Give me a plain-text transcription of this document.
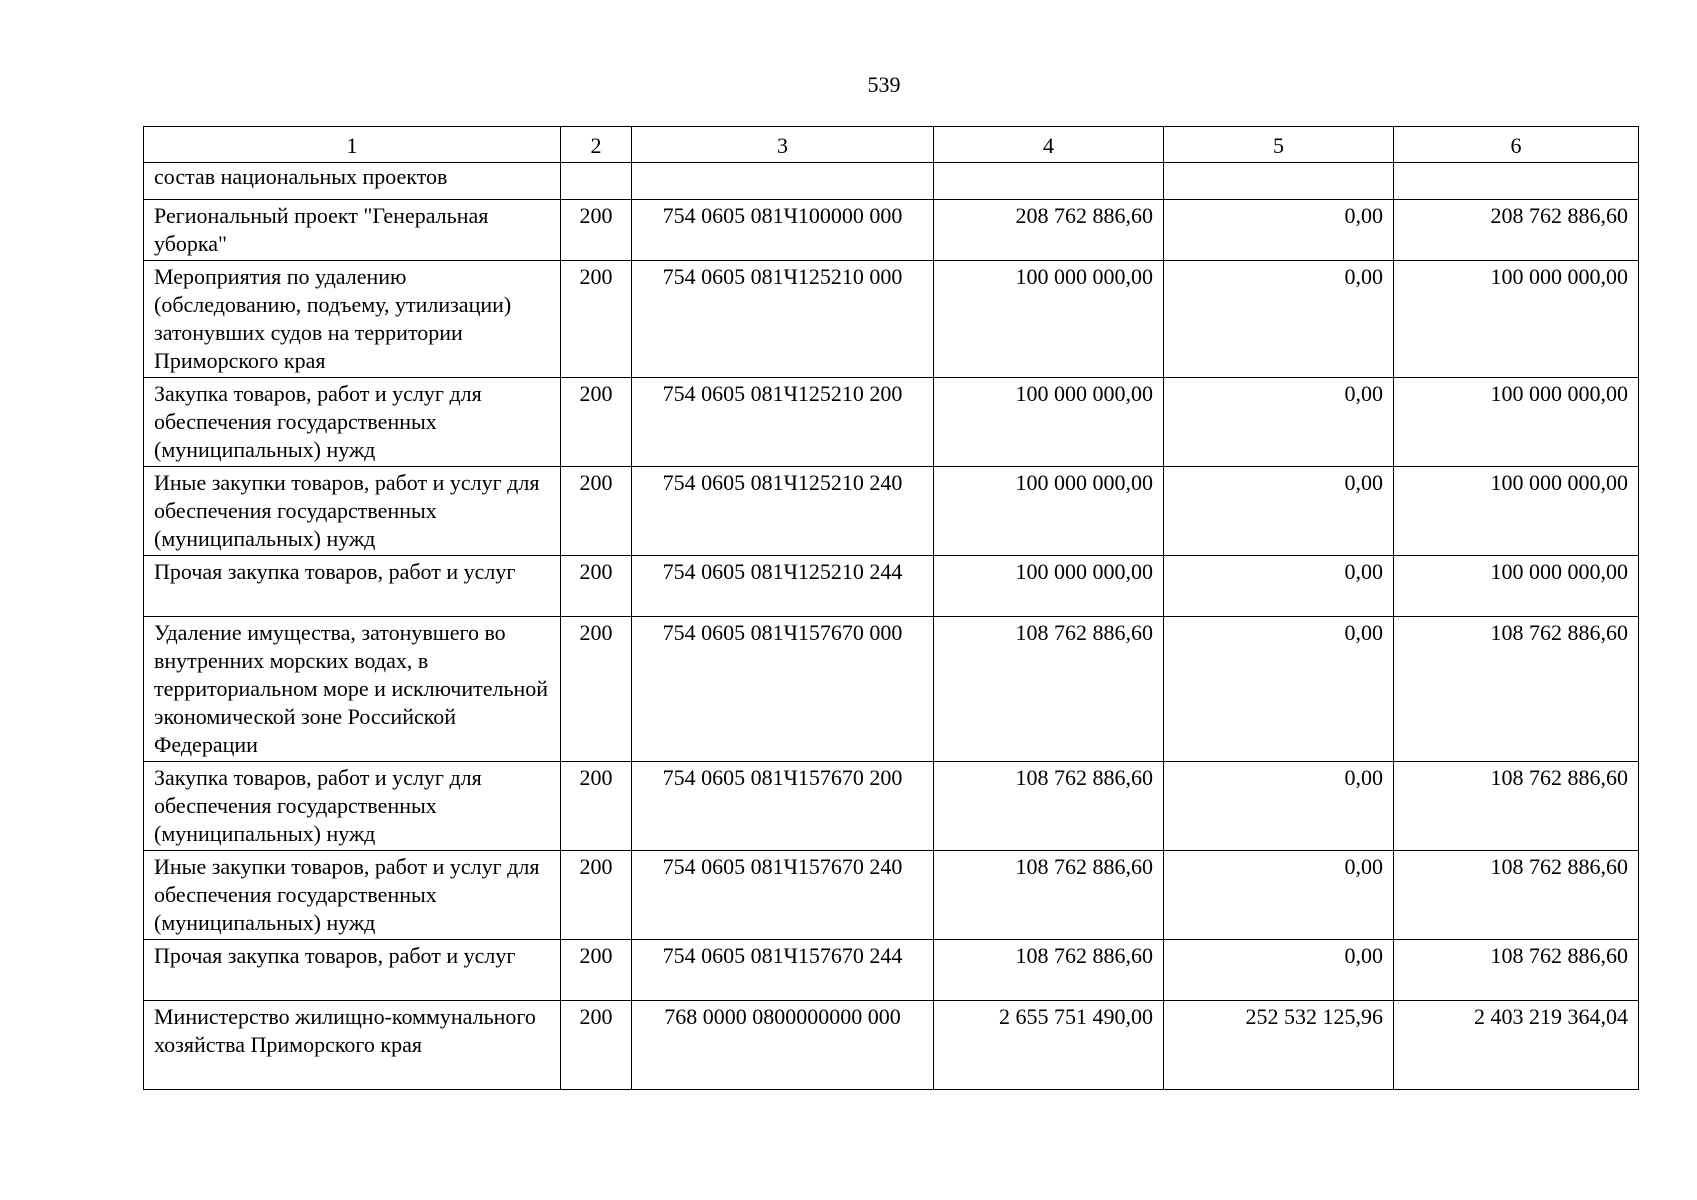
539
1	2	3	4	5	6
состав национальных проектов					
Региональный проект "Генеральная уборка"	200	754 0605 081Ч100000 000	208 762 886,60	0,00	208 762 886,60
Мероприятия по удалению (обследованию, подъему, утилизации) затонувших судов на территории Приморского края	200	754 0605 081Ч125210 000	100 000 000,00	0,00	100 000 000,00
Закупка товаров, работ и услуг для обеспечения государственных (муниципальных) нужд	200	754 0605 081Ч125210 200	100 000 000,00	0,00	100 000 000,00
Иные закупки товаров, работ и услуг для обеспечения государственных (муниципальных) нужд	200	754 0605 081Ч125210 240	100 000 000,00	0,00	100 000 000,00
Прочая закупка товаров, работ и услуг	200	754 0605 081Ч125210 244	100 000 000,00	0,00	100 000 000,00
Удаление имущества, затонувшего во внутренних морских водах, в территориальном море и исключительной экономической зоне Российской Федерации	200	754 0605 081Ч157670 000	108 762 886,60	0,00	108 762 886,60
Закупка товаров, работ и услуг для обеспечения государственных (муниципальных) нужд	200	754 0605 081Ч157670 200	108 762 886,60	0,00	108 762 886,60
Иные закупки товаров, работ и услуг для обеспечения государственных (муниципальных) нужд	200	754 0605 081Ч157670 240	108 762 886,60	0,00	108 762 886,60
Прочая закупка товаров, работ и услуг	200	754 0605 081Ч157670 244	108 762 886,60	0,00	108 762 886,60
Министерство жилищно-коммунального хозяйства Приморского края	200	768 0000 0800000000 000	2 655 751 490,00	252 532 125,96	2 403 219 364,04
